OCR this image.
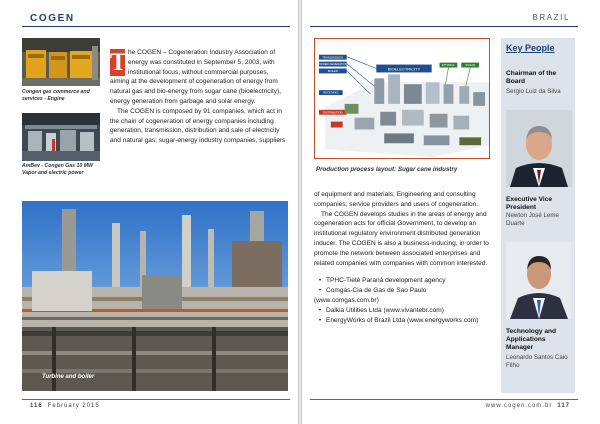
COGEN
Congen gas commerce and services - Engine
AmBev - Congen Gas 10 MW Vapor and electric power
T he COGEN – Cogeneration Industry Association of energy was constituted in September 5, 2003, with institutional focus, without commercial purposes, aiming at the development of cogeneration of energy from natural gas and bio-energy from sugar cane (bioelectricity), energy generation from garbage and solar energy.

The COGEN is composed by 91 companies, which act in the chain of cogeneration of energy companies including generation, transmission, distribution and sale of electricity and natural gas; sugar-energy industry companies, suppliers

Turbine and boiler
116 February 2015
BRAZIL
BIOELECTRICITY
TRANSMISSION
POWER GENERATION
BOILER
RECEIVING
DISTRIBUTION
ETHANOL	SUGAR
Production process layout: Sugar cane industry

of equipment and materials; Engineering and consulting companies; service providers and users of cogeneration.

The COGEN develops studies in the areas of energy and cogeneration acts for official Government, to develop an institutional regulatory environment distributed generation inducer. The COGEN is also a business-inducing, in order to promote the network between associated enterprises and related companies with companies with common interested.

• TPHC-Tietê Paraná development agency
• Comgás-Cia de Gas de Sao Paulo (www.comgas.com.br)
• Dalkia Utilities Ltda (www.vivantebr.com)
• EnergyWorks of Brazil Ltda (www.energyworks.com)
Key People
Chairman of the Board
Sergio Luiz da Silva
Executive Vice President
Newton José Leme Duarte
Technology and Applications Manager
Leonardo Santos Caio Filho
www.cogen.com.br 117
